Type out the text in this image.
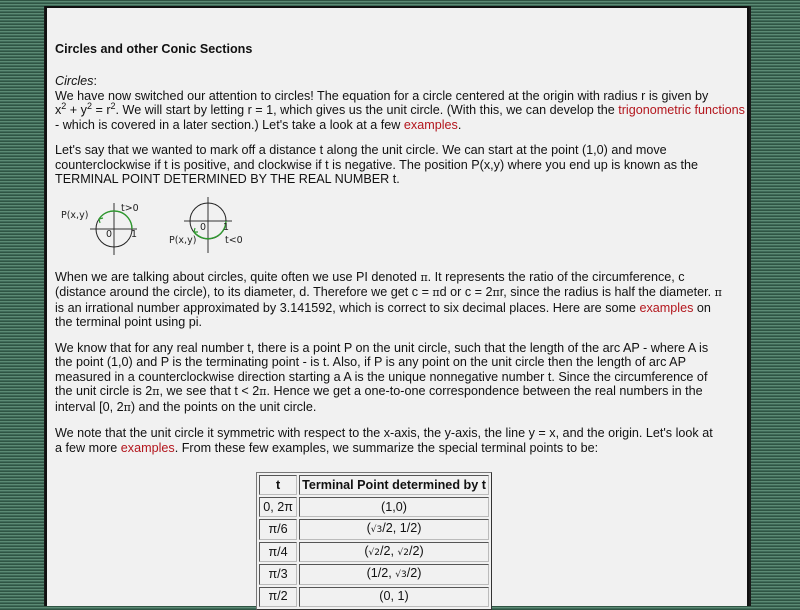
Circles and other Conic Sections

Circles:

We have now switched our attention to circles! The equation for a circle centered at the origin with radius r is given by
$x^2 + y^2 = r^2$. We will start by letting r = 1, which gives us the unit circle. (With this, we can develop the trigonometric functions
- which is covered in a later section.) Let's take a look at a few examples.

Let's say that we wanted to mark off a distance t along the unit circle. We can start at the point (1,0) and move counterclockwise if t is positive, and clockwise if t is negative. The position P(x,y) where you end up is known as the TERMINAL POINT DETERMINED BY THE REAL NUMBER t.

P(x,y)
t>0
0 1
P(x,y)	t<0
0 1

When we are talking about circles, quite often we use PI denoted π. It represents the ratio of the circumference, c (distance around the circle), to its diameter, d. Therefore we get c = πd or c = 2πr, since the radius is half the diameter. π is an irrational number approximated by 3.141592, which is correct to six decimal places. Here are some examples on the terminal point using pi.

We know that for any real number t, there is a point P on the unit circle, such that the length of the arc AP - where A is the point (1,0) and P is the terminating point - is t. Also, if P is any point on the unit circle then the length of arc AP measured in a counterclockwise direction starting a A is the unique nonnegative number t. Since the circumference of the unit circle is 2π, we see that t < 2π. Hence we get a one-to-one correspondence between the real numbers in the interval [0, 2π) and the points on the unit circle.

We note that the unit circle it symmetric with respect to the x-axis, the y-axis, the line y = x, and the origin. Let's look at a few more examples. From these few examples, we summarize the special terminal points to be:

t	Terminal Point determined by t
0, 2π	(1,0)
π/6	(√3/2, 1/2)
π/4	(√2/2, √2/2)
π/3	(1/2, √3/2)
π/2	(0, 1)
